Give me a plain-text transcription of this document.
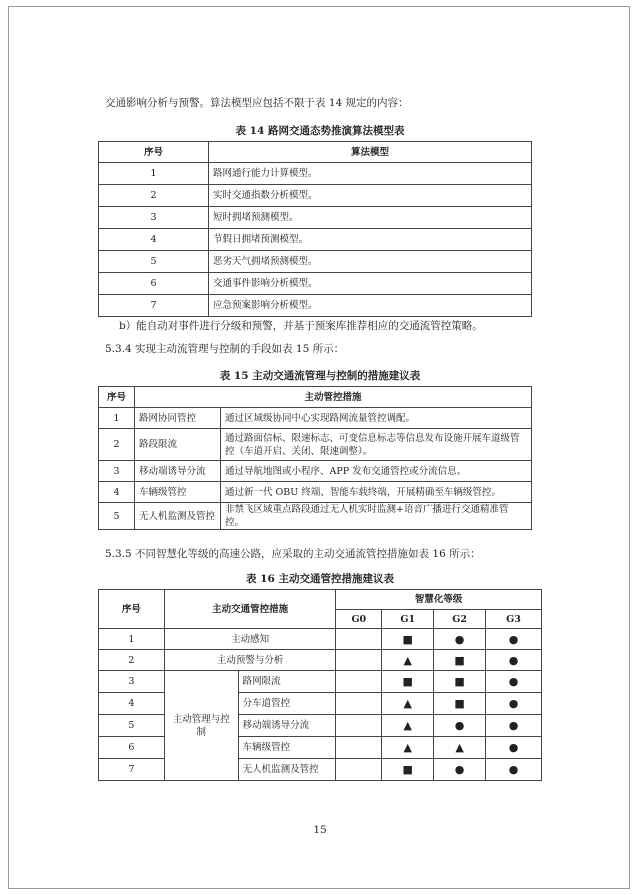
交通影响分析与预警。算法模型应包括不限于表 14 规定的内容：
表 14 路网交通态势推演算法模型表
序号	算法模型
1	路网通行能力计算模型。
2	实时交通指数分析模型。
3	短时拥堵预测模型。
4	节假日拥堵预测模型。
5	恶劣天气拥堵预测模型。
6	交通事件影响分析模型。
7	应急预案影响分析模型。
b）能自动对事件进行分级和预警，并基于预案库推荐相应的交通流管控策略。
5.3.4 实现主动流管理与控制的手段如表 15 所示：
表 15 主动交通流管理与控制的措施建议表
序号	主动管控措施	
1	路网协同管控	通过区域级协同中心实现路网流量管控调配。
2	路段限流	通过路面信标、限速标志、可变信息标志等信息发布设施开展车道级管控（车道开启、关闭、限速调整）。
3	移动端诱导分流	通过导航地图或小程序、APP 发布交通管控或分流信息。
4	车辆级管控	通过新一代 OBU 终端、智能车载终端，开展精确至车辆级管控。
5	无人机监测及管控	非禁飞区域重点路段通过无人机实时监测+语音广播进行交通精准管控。
5.3.5 不同智慧化等级的高速公路，应采取的主动交通流管控措施如表 16 所示：
表 16 主动交通管控措施建议表
序号	主动交通管控措施		智慧化等级			
			G0	G1	G2	G3
1	主动感知			■	●	●
2	主动预警与分析			▲	■	●
3	主动管理与控制	路网限流		■	■	●
4		分车道管控		▲	■	●
5		移动端诱导分流		▲	●	●
6		车辆级管控		▲	▲	●
7		无人机监测及管控		■	●	●
15
